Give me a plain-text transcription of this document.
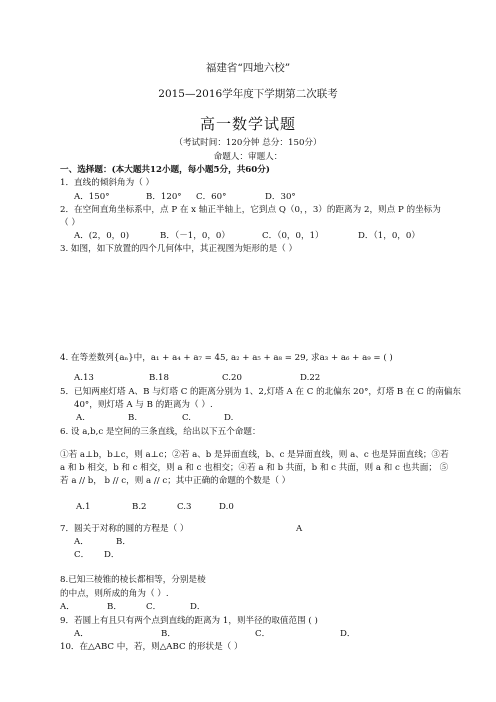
福建省“四地六校”
2015—2016学年度下学期第二次联考
高一数学试题
（考试时间：120分钟 总分：150分）
命题人：审题人：
一、选择题：(本大题共12小题，每小题5分，共60分)
1．直线的倾斜角为（ ）
A．150°	B．120° C．60°	D．30°
2．在空间直角坐标系中，点 P 在 x 轴正半轴上，它到点 Q（0，，3）的距离为 2，则点 P 的坐标为
（ ）
A．(2，0，0)	B．（－1，0，0）	C．（0，0，1）	D．（1，0，0）
3. 如图，如下放置的四个几何体中，其正视图为矩形的是（ ）
4. 在等差数列{aₙ}中，a₁ + a₄ + a₇ = 45, a₂ + a₅ + a₈ = 29, 求a₃ + a₆ + a₉ = ( )
A.13	B.18	C.20	D.22
5．已知两座灯塔 A、B 与灯塔 C 的距离分别为 1、2,灯塔 A 在 C 的北偏东 20°，灯塔 B 在 C 的南偏东
40°，则灯塔 A 与 B 的距离为（ ）.
A.	B.	C.	D.
6. 设 a,b,c 是空间的三条直线，给出以下五个命题：
①若 a⊥b，b⊥c，则 a⊥c；②若 a、b 是异面直线，b、c 是异面直线，则 a、c 也是异面直线；③若
a 和 b 相交，b 和 c 相交，则 a 和 c 也相交；④若 a 和 b 共面，b 和 c 共面，则 a 和 c 也共面； ⑤
若 a // b， b // c，则 a // c；其中正确的命题的个数是（ ）
A.1	B.2	C.3	D.0
7．圆关于对称的圆的方程是（ ）	A
A．	B．
C． D．
8.已知三棱锥的棱长都相等，分别是棱
的中点，则所成的角为（ ）.
A．	B．	C．	D．
9．若圆上有且只有两个点到直线的距离为 1，则半径的取值范围 ( )
A．	B．	C．	D．
10．在△ABC 中，若，则△ABC 的形状是（ ）
